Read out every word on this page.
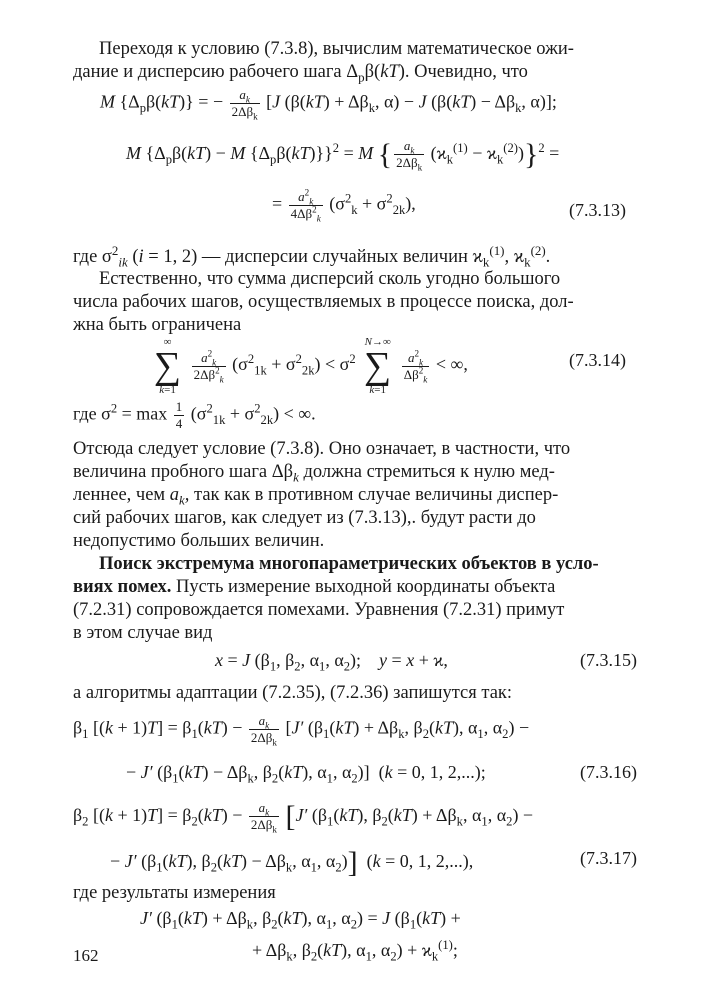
Переходя к условию (7.3.8), вычислим математическое ожи-
дание и дисперсию рабочего шага $\Delta_p\beta(kT)$. Очевидно, что
M $\{\Delta_p\beta(kT)\}$ = − $\frac{a_k}{2\Delta\beta_k} [J$ ($\beta(kT) + \Delta\beta_k$, α) − J ($\beta(kT) - \Delta\beta_k$, α)];
M {$\Delta_p\beta(kT) - M$ $\{\Delta_p\beta(kT)\}\}^2 = M$ { $\frac{a_k}{2\Delta\beta_k} (ϰ_k^{(1)} - ϰ_k^{(2)})\}^2$ =
= $\frac{a^2_k}{4\Delta\beta^2_k} (\sigma^2_k + \sigma^2_{2k})$,	(7.3.13)
где $\sigma^2_{ik}$ (i = 1, 2) — дисперсии случайных величин $ϰ_k^{(1)}$, $ϰ_k^{(2)}$.
Естественно, что сумма дисперсий сколь угодно большого
числа рабочих шагов, осуществляемых в процессе поиска, дол-
жна быть ограничена
∞
∑
k=1

$\frac{a^2_k}{2\Delta\beta^2_k} (\sigma^2_{1k} + \sigma^2_{2k}) < \sigma^2$
N→∞
∑
k=1

$\frac{a^2_k}{\Delta\beta^2_k}$ < ∞,	(7.3.14)
где $\sigma^2 = \max \frac{1}{4} (\sigma^2_{1k} + \sigma^2_{2k})$ < ∞.
Отсюда следует условие (7.3.8). Оно означает, в частности, что
величина пробного шага $\Delta\beta_k$ должна стремиться к нулю мед-
леннее, чем $a_k$, так как в противном случае величины диспер-
сий рабочих шагов, как следует из (7.3.13),. будут расти до
недопустимо больших величин.
Поиск экстремума многопараметрических объектов в усло-
виях помех. Пусть измерение выходной координаты объекта
(7.2.31) сопровождается помехами. Уравнения (7.2.31) примут
в этом случае вид
x = J ($\beta_1$, $\beta_2$, $\alpha_1$, $\alpha_2$);    y = x + ϰ,	(7.3.15)
а алгоритмы адаптации (7.2.35), (7.2.36) запишутся так:
$\beta_1$ $[(k + 1)T] = \beta_1(kT) - \frac{a_k}{2\Delta\beta_k} [J'$ ($\beta_1(kT) + \Delta\beta_k$, $\beta_2(kT)$, $\alpha_1$, $\alpha_2$) −
− J′ ($\beta_1(kT) - \Delta\beta_k$, $\beta_2(kT)$, $\alpha_1$, $\alpha_2$)]  (k = 0, 1, 2,...);	(7.3.16)
$\beta_2$ $[(k + 1)T] = \beta_2(kT) - \frac{a_k}{2\Delta\beta_k} [J'$ ($\beta_1(kT)$, $\beta_2(kT) + \Delta\beta_k$, $\alpha_1$, $\alpha_2$) −
− J′ ($\beta_1(kT)$, $\beta_2(kT) - \Delta\beta_k$, $\alpha_1$, $\alpha_2$)]  (k = 0, 1, 2,...),	(7.3.17)
где результаты измерения
J′ ($\beta_1(kT) + \Delta\beta_k$, $\beta_2(kT)$, $\alpha_1$, $\alpha_2) = J$ ($\beta_1(kT)$ +
+ $\Delta\beta_k$, $\beta_2(kT)$, $\alpha_1$, $\alpha_2) + ϰ_k^{(1)}$;
162
